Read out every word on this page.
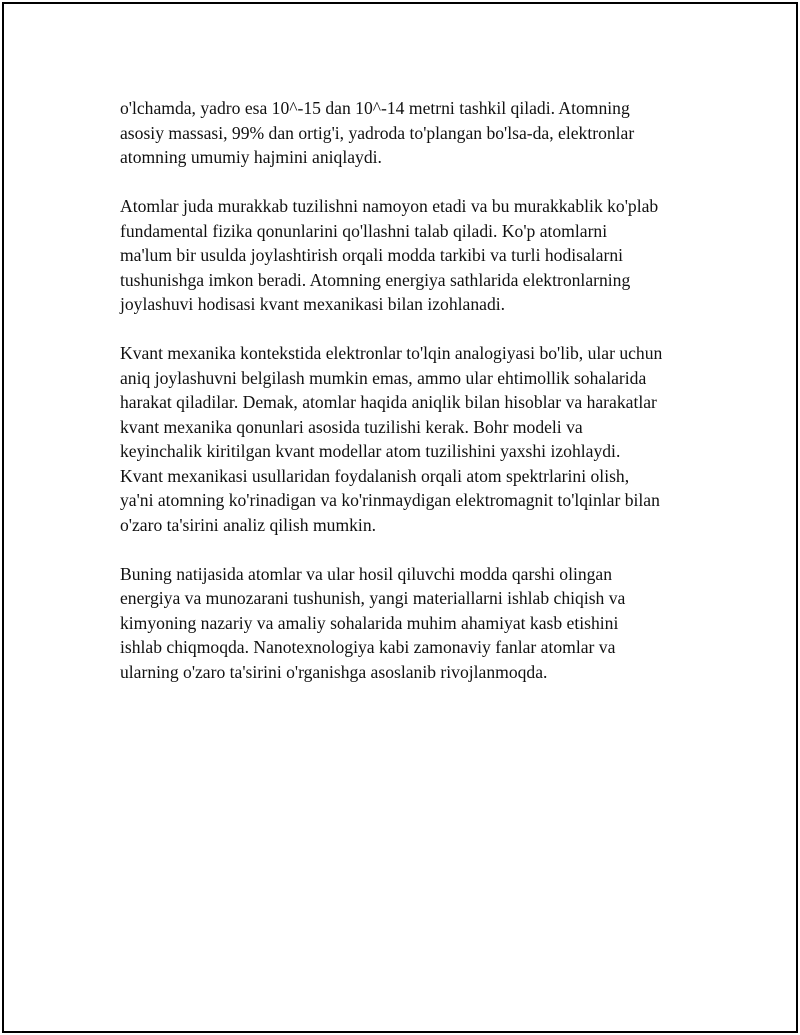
o'lchamda, yadro esa 10^-15 dan 10^-14 metrni tashkil qiladi. Atomning
asosiy massasi, 99% dan ortig'i, yadroda to'plangan bo'lsa-da, elektronlar
atomning umumiy hajmini aniqlaydi.

Atomlar juda murakkab tuzilishni namoyon etadi va bu murakkablik ko'plab
fundamental fizika qonunlarini qo'llashni talab qiladi. Ko'p atomlarni
ma'lum bir usulda joylashtirish orqali modda tarkibi va turli hodisalarni
tushunishga imkon beradi. Atomning energiya sathlarida elektronlarning
joylashuvi hodisasi kvant mexanikasi bilan izohlanadi.

Kvant mexanika kontekstida elektronlar to'lqin analogiyasi bo'lib, ular uchun
aniq joylashuvni belgilash mumkin emas, ammo ular ehtimollik sohalarida
harakat qiladilar. Demak, atomlar haqida aniqlik bilan hisoblar va harakatlar
kvant mexanika qonunlari asosida tuzilishi kerak. Bohr modeli va
keyinchalik kiritilgan kvant modellar atom tuzilishini yaxshi izohlaydi.
Kvant mexanikasi usullaridan foydalanish orqali atom spektrlarini olish,
ya'ni atomning ko'rinadigan va ko'rinmaydigan elektromagnit to'lqinlar bilan
o'zaro ta'sirini analiz qilish mumkin.

Buning natijasida atomlar va ular hosil qiluvchi modda qarshi olingan
energiya va munozarani tushunish, yangi materiallarni ishlab chiqish va
kimyoning nazariy va amaliy sohalarida muhim ahamiyat kasb etishini
ishlab chiqmoqda. Nanotexnologiya kabi zamonaviy fanlar atomlar va
ularning o'zaro ta'sirini o'rganishga asoslanib rivojlanmoqda.
